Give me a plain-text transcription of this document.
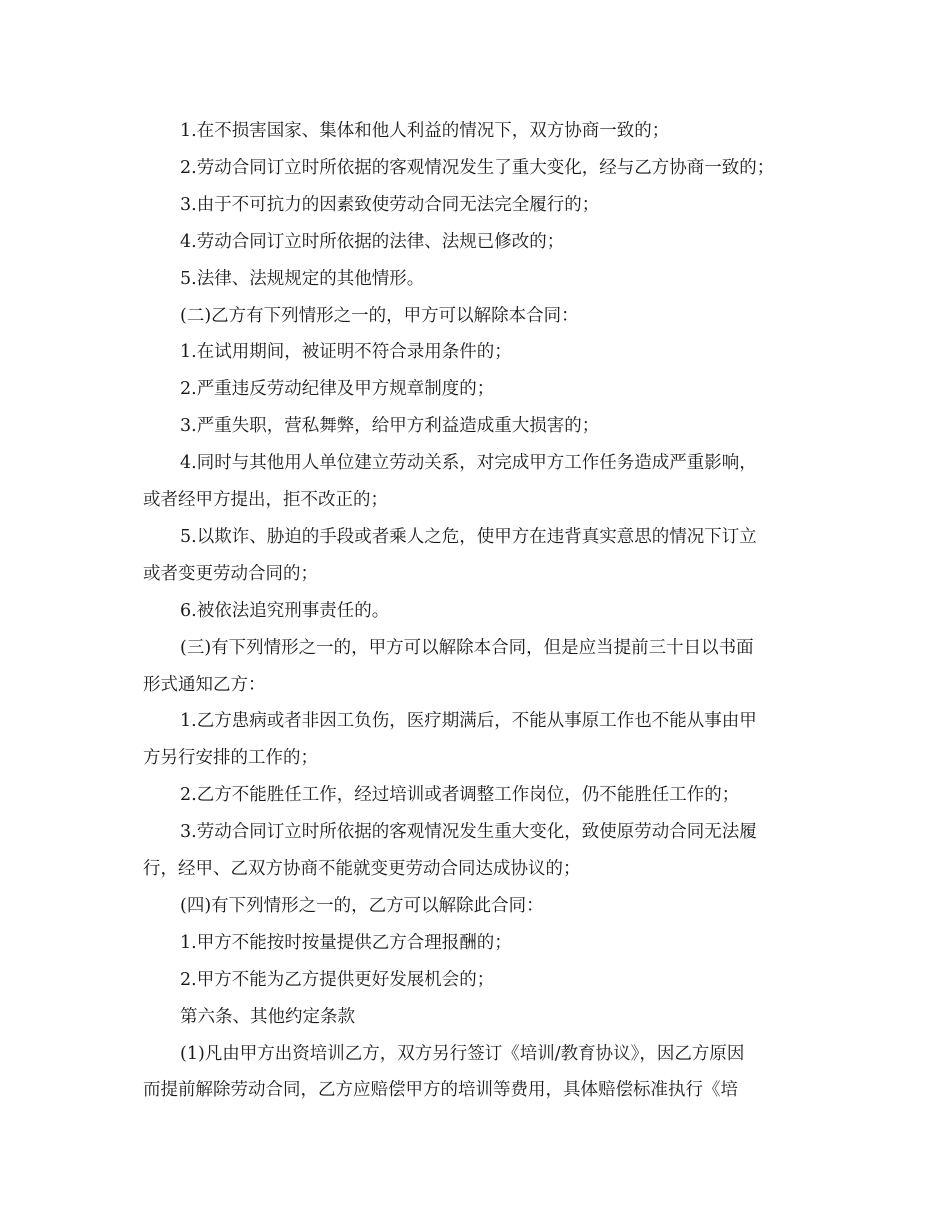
1.在不损害国家、集体和他人利益的情况下，双方协商一致的；
2.劳动合同订立时所依据的客观情况发生了重大变化，经与乙方协商一致的；
3.由于不可抗力的因素致使劳动合同无法完全履行的；
4.劳动合同订立时所依据的法律、法规已修改的；
5.法律、法规规定的其他情形。
(二)乙方有下列情形之一的，甲方可以解除本合同：
1.在试用期间，被证明不符合录用条件的；
2.严重违反劳动纪律及甲方规章制度的；
3.严重失职，营私舞弊，给甲方利益造成重大损害的；
4.同时与其他用人单位建立劳动关系，对完成甲方工作任务造成严重影响，
或者经甲方提出，拒不改正的；
5.以欺诈、胁迫的手段或者乘人之危，使甲方在违背真实意思的情况下订立
或者变更劳动合同的；
6.被依法追究刑事责任的。
(三)有下列情形之一的，甲方可以解除本合同，但是应当提前三十日以书面
形式通知乙方：
1.乙方患病或者非因工负伤，医疗期满后，不能从事原工作也不能从事由甲
方另行安排的工作的；
2.乙方不能胜任工作，经过培训或者调整工作岗位，仍不能胜任工作的；
3.劳动合同订立时所依据的客观情况发生重大变化，致使原劳动合同无法履
行，经甲、乙双方协商不能就变更劳动合同达成协议的；
(四)有下列情形之一的，乙方可以解除此合同：
1.甲方不能按时按量提供乙方合理报酬的；
2.甲方不能为乙方提供更好发展机会的；
第六条、其他约定条款
(1)凡由甲方出资培训乙方，双方另行签订《培训/教育协议》，因乙方原因
而提前解除劳动合同，乙方应赔偿甲方的培训等费用，具体赔偿标准执行《培
